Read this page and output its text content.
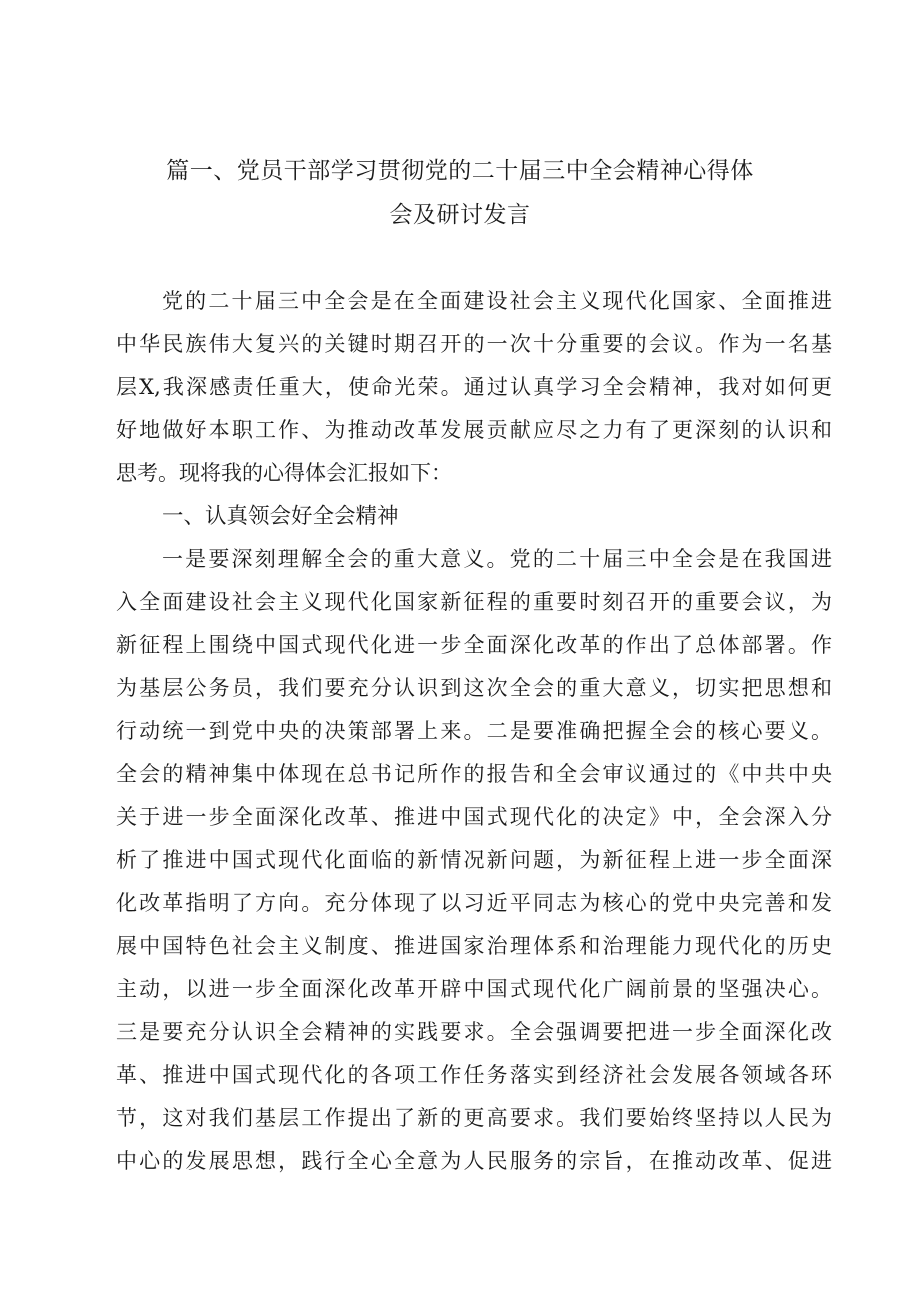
篇一、党员干部学习贯彻党的二十届三中全会精神心得体
会及研讨发言
党的二十届三中全会是在全面建设社会主义现代化国家、全面推进
中华民族伟大复兴的关键时期召开的一次十分重要的会议。作为一名基
层X,我深感责任重大，使命光荣。通过认真学习全会精神，我对如何更
好地做好本职工作、为推动改革发展贡献应尽之力有了更深刻的认识和
思考。现将我的心得体会汇报如下：
一、认真领会好全会精神
一是要深刻理解全会的重大意义。党的二十届三中全会是在我国进
入全面建设社会主义现代化国家新征程的重要时刻召开的重要会议，为
新征程上围绕中国式现代化进一步全面深化改革的作出了总体部署。作
为基层公务员，我们要充分认识到这次全会的重大意义，切实把思想和
行动统一到党中央的决策部署上来。二是要准确把握全会的核心要义。
全会的精神集中体现在总书记所作的报告和全会审议通过的《中共中央
关于进一步全面深化改革、推进中国式现代化的决定》中，全会深入分
析了推进中国式现代化面临的新情况新问题，为新征程上进一步全面深
化改革指明了方向。充分体现了以习近平同志为核心的党中央完善和发
展中国特色社会主义制度、推进国家治理体系和治理能力现代化的历史
主动，以进一步全面深化改革开辟中国式现代化广阔前景的坚强决心。
三是要充分认识全会精神的实践要求。全会强调要把进一步全面深化改
革、推进中国式现代化的各项工作任务落实到经济社会发展各领域各环
节，这对我们基层工作提出了新的更高要求。我们要始终坚持以人民为
中心的发展思想，践行全心全意为人民服务的宗旨，在推动改革、促进
